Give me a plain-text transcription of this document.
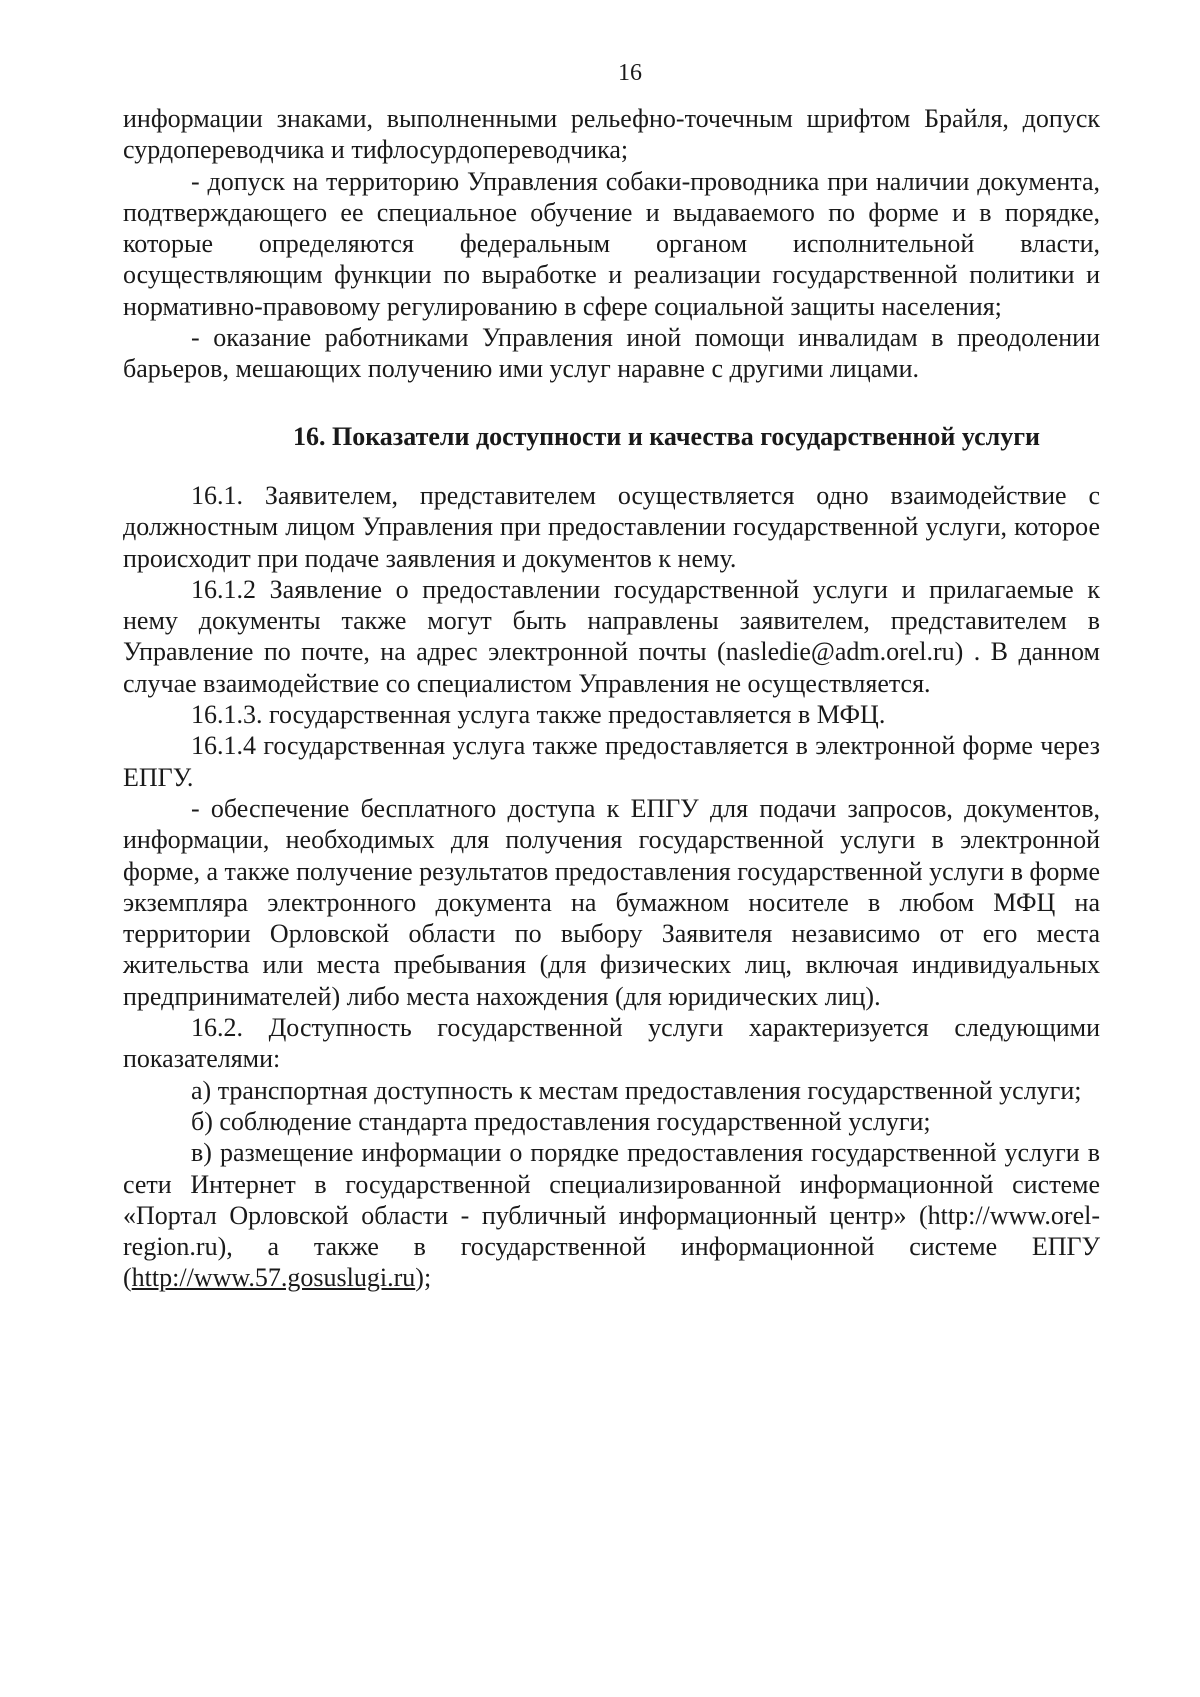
16

информации знаками, выполненными рельефно-точечным шрифтом Брайля, допуск сурдопереводчика и тифлосурдопереводчика;

- допуск на территорию Управления собаки-проводника при наличии документа, подтверждающего ее специальное обучение и выдаваемого по форме и в порядке, которые определяются федеральным органом исполнительной власти, осуществляющим функции по выработке и реализации государственной политики и нормативно-правовому регулированию в сфере социальной защиты населения;

- оказание работниками Управления иной помощи инвалидам в преодолении барьеров, мешающих получению ими услуг наравне с другими лицами.

16. Показатели доступности и качества государственной услуги

16.1. Заявителем, представителем осуществляется одно взаимодействие с должностным лицом Управления при предоставлении государственной услуги, которое происходит при подаче заявления и документов к нему.

16.1.2 Заявление о предоставлении государственной услуги и прилагаемые к нему документы также могут быть направлены заявителем, представителем в Управление по почте, на адрес электронной почты (nasledie@adm.orel.ru) . В данном случае взаимодействие со специалистом Управления не осуществляется.

16.1.3. государственная услуга также предоставляется в МФЦ.

16.1.4 государственная услуга также предоставляется в электронной форме через ЕПГУ.

- обеспечение бесплатного доступа к ЕПГУ для подачи запросов, документов, информации, необходимых для получения государственной услуги в электронной форме, а также получение результатов предоставления государственной услуги в форме экземпляра электронного документа на бумажном носителе в любом МФЦ на территории Орловской области по выбору Заявителя независимо от его места жительства или места пребывания (для физических лиц, включая индивидуальных предпринимателей) либо места нахождения (для юридических лиц).

16.2. Доступность государственной услуги характеризуется следующими показателями:

а) транспортная доступность к местам предоставления государственной услуги;

б) соблюдение стандарта предоставления государственной услуги;

в) размещение информации о порядке предоставления государственной услуги в сети Интернет в государственной специализированной информационной системе «Портал Орловской области - публичный информационный центр» (http://www.orel-region.ru), а также в государственной информационной системе ЕПГУ (http://www.57.gosuslugi.ru);
